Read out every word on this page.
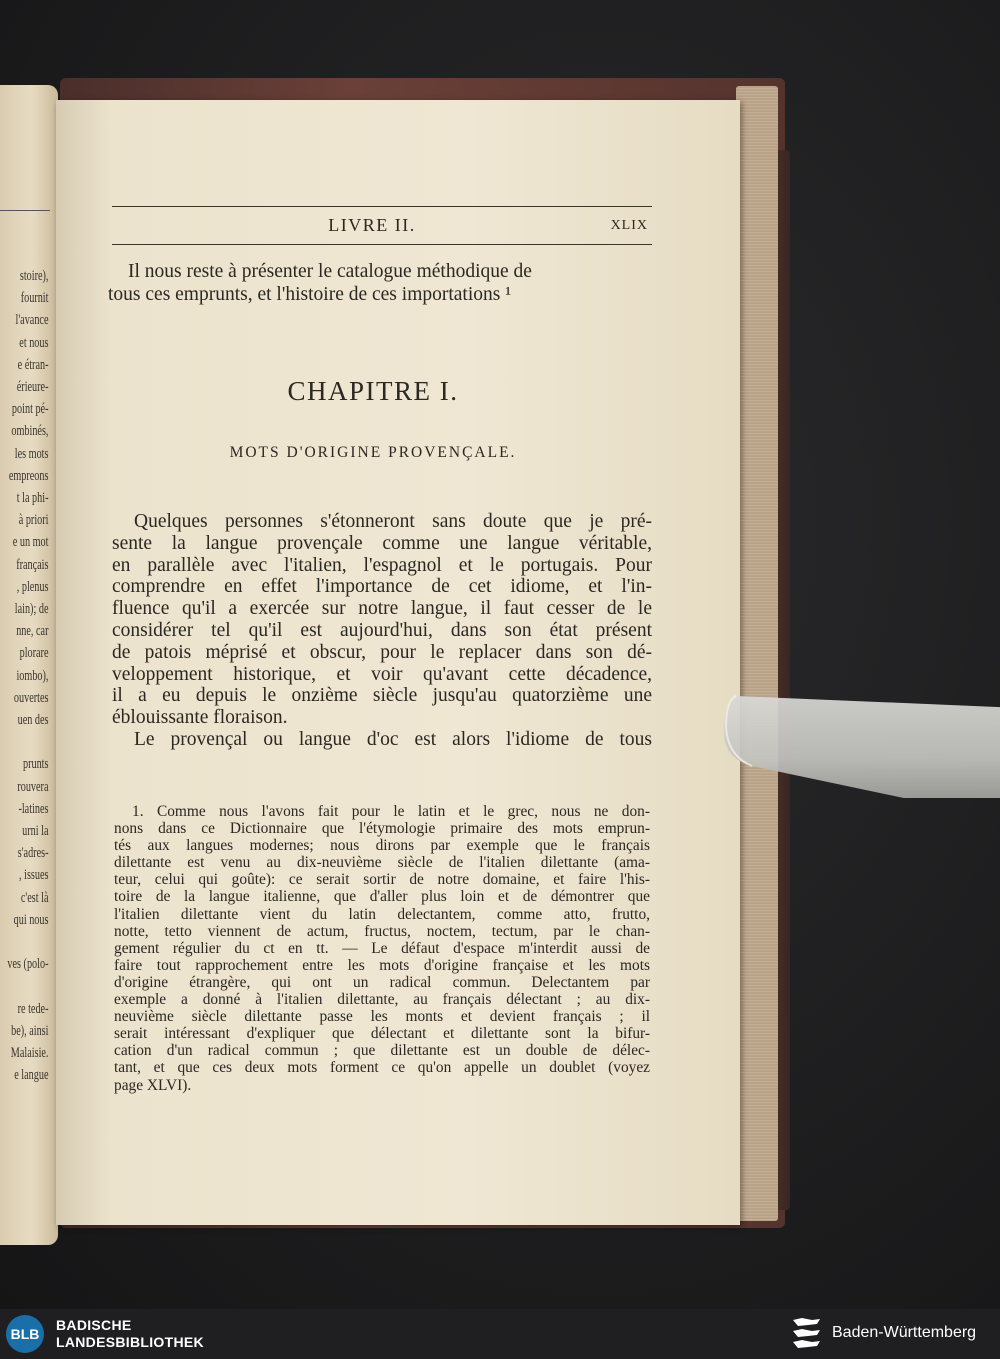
stoire),
fournit
l'avance
et nous
e étran-
érieure-
point pé-
ombinés,
les mots
empreons
t la phi-
à priori
e un mot
français
, plenus
lain); de
nne, car
plorare
iombo),
ouvertes
uen des

prunts
rouvera
-latines
urni la
s'adres-
, issues
c'est là
qui nous

ves (polo-

re tede-
be), ainsi
Malaisie.
e langue
LIVRE II.	XLIX
Il nous reste à présenter le catalogue méthodique de
tous ces emprunts, et l'histoire de ces importations ¹
CHAPITRE I.
MOTS D'ORIGINE PROVENÇALE.
Quelques personnes s'étonneront sans doute que je pré-
sente la langue provençale comme une langue véritable,
en parallèle avec l'italien, l'espagnol et le portugais. Pour
comprendre en effet l'importance de cet idiome, et l'in-
fluence qu'il a exercée sur notre langue, il faut cesser de le
considérer tel qu'il est aujourd'hui, dans son état présent
de patois méprisé et obscur, pour le replacer dans son dé-
veloppement historique, et voir qu'avant cette décadence,
il a eu depuis le onzième siècle jusqu'au quatorzième une
éblouissante floraison.
Le provençal ou langue d'oc est alors l'idiome de tous
1. Comme nous l'avons fait pour le latin et le grec, nous ne don-
nons dans ce Dictionnaire que l'étymologie primaire des mots emprun-
tés aux langues modernes; nous dirons par exemple que le français
dilettante est venu au dix-neuvième siècle de l'italien dilettante (ama-
teur, celui qui goûte): ce serait sortir de notre domaine, et faire l'his-
toire de la langue italienne, que d'aller plus loin et de démontrer que
l'italien dilettante vient du latin delectantem, comme atto, frutto,
notte, tetto viennent de actum, fructus, noctem, tectum, par le chan-
gement régulier du ct en tt. — Le défaut d'espace m'interdit aussi de
faire tout rapprochement entre les mots d'origine française et les mots
d'origine étrangère, qui ont un radical commun. Delectantem par
exemple a donné à l'italien dilettante, au français délectant ; au dix-
neuvième siècle dilettante passe les monts et devient français ; il
serait intéressant d'expliquer que délectant et dilettante sont la bifur-
cation d'un radical commun ; que dilettante est un double de délec-
tant, et que ces deux mots forment ce qu'on appelle un doublet (voyez
page XLVI).
BLB
BADISCHE
LANDESBIBLIOTHEK
Baden-Württemberg
